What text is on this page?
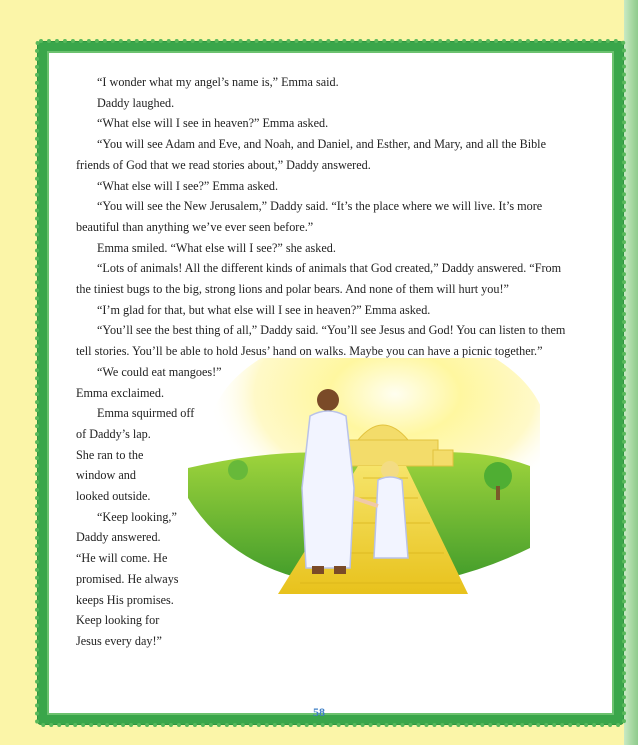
“I wonder what my angel’s name is,” Emma said.

Daddy laughed.

“What else will I see in heaven?” Emma asked.

“You will see Adam and Eve, and Noah, and Daniel, and Esther, and Mary, and all the Bible friends of God that we read stories about,” Daddy answered.

“What else will I see?” Emma asked.

“You will see the New Jerusalem,” Daddy said. “It’s the place where we will live. It’s more beautiful than anything we’ve ever seen before.”

Emma smiled. “What else will I see?” she asked.

“Lots of animals! All the different kinds of animals that God created,” Daddy answered. “From the tiniest bugs to the big, strong lions and polar bears. And none of them will hurt you!”

“I’m glad for that, but what else will I see in heaven?” Emma asked.

“You’ll see the best thing of all,” Daddy said. “You’ll see Jesus and God! You can listen to them tell stories. You’ll be able to hold Jesus’ hand on walks. Maybe you can have a picnic together.”

“We could eat mangoes!”
Emma exclaimed.
Emma squirmed off
of Daddy’s lap.
She ran to the
window and
looked outside.
“Keep looking,”
Daddy answered.
“He will come. He
promised. He always
keeps His promises.
Keep looking for
Jesus every day!”
58
